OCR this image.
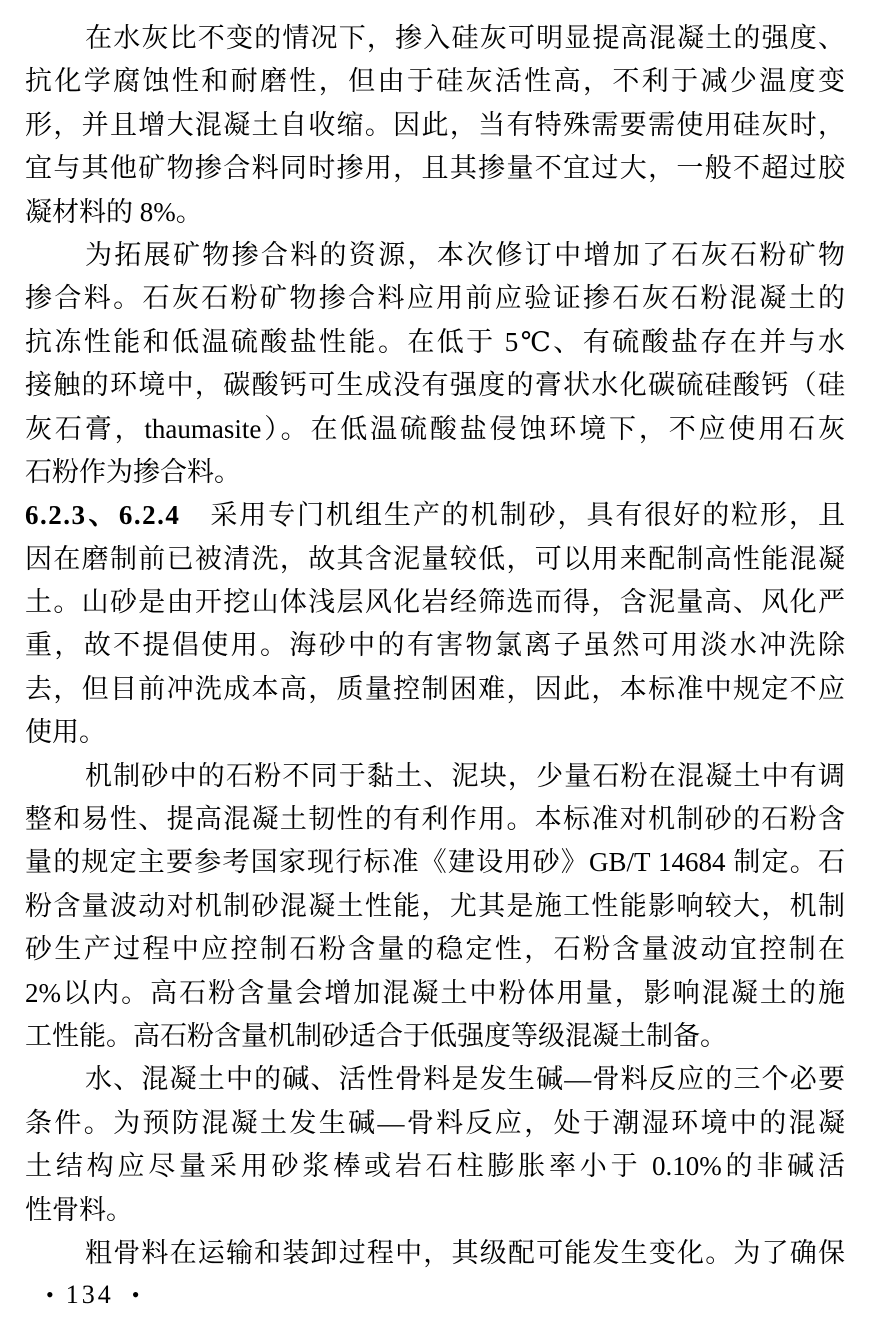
在水灰比不变的情况下，掺入硅灰可明显提高混凝土的强度、
抗化学腐蚀性和耐磨性，但由于硅灰活性高，不利于减少温度变
形，并且增大混凝土自收缩。因此，当有特殊需要需使用硅灰时，
宜与其他矿物掺合料同时掺用，且其掺量不宜过大，一般不超过胶
凝材料的 8%。
为拓展矿物掺合料的资源，本次修订中增加了石灰石粉矿物
掺合料。石灰石粉矿物掺合料应用前应验证掺石灰石粉混凝土的
抗冻性能和低温硫酸盐性能。在低于 5℃、有硫酸盐存在并与水
接触的环境中，碳酸钙可生成没有强度的膏状水化碳硫硅酸钙（硅
灰石膏，thaumasite）。在低温硫酸盐侵蚀环境下，不应使用石灰
石粉作为掺合料。
6.2.3、6.2.4 采用专门机组生产的机制砂，具有很好的粒形，且
因在磨制前已被清洗，故其含泥量较低，可以用来配制高性能混凝
土。山砂是由开挖山体浅层风化岩经筛选而得，含泥量高、风化严
重，故不提倡使用。海砂中的有害物氯离子虽然可用淡水冲洗除
去，但目前冲洗成本高，质量控制困难，因此，本标准中规定不应
使用。
机制砂中的石粉不同于黏土、泥块，少量石粉在混凝土中有调
整和易性、提高混凝土韧性的有利作用。本标准对机制砂的石粉含
量的规定主要参考国家现行标准《建设用砂》GB/T 14684 制定。石
粉含量波动对机制砂混凝土性能，尤其是施工性能影响较大，机制
砂生产过程中应控制石粉含量的稳定性，石粉含量波动宜控制在
2%以内。高石粉含量会增加混凝土中粉体用量，影响混凝土的施
工性能。高石粉含量机制砂适合于低强度等级混凝土制备。
水、混凝土中的碱、活性骨料是发生碱—骨料反应的三个必要
条件。为预防混凝土发生碱—骨料反应，处于潮湿环境中的混凝
土结构应尽量采用砂浆棒或岩石柱膨胀率小于 0.10%的非碱活
性骨料。
粗骨料在运输和装卸过程中，其级配可能发生变化。为了确保
• 134 •
